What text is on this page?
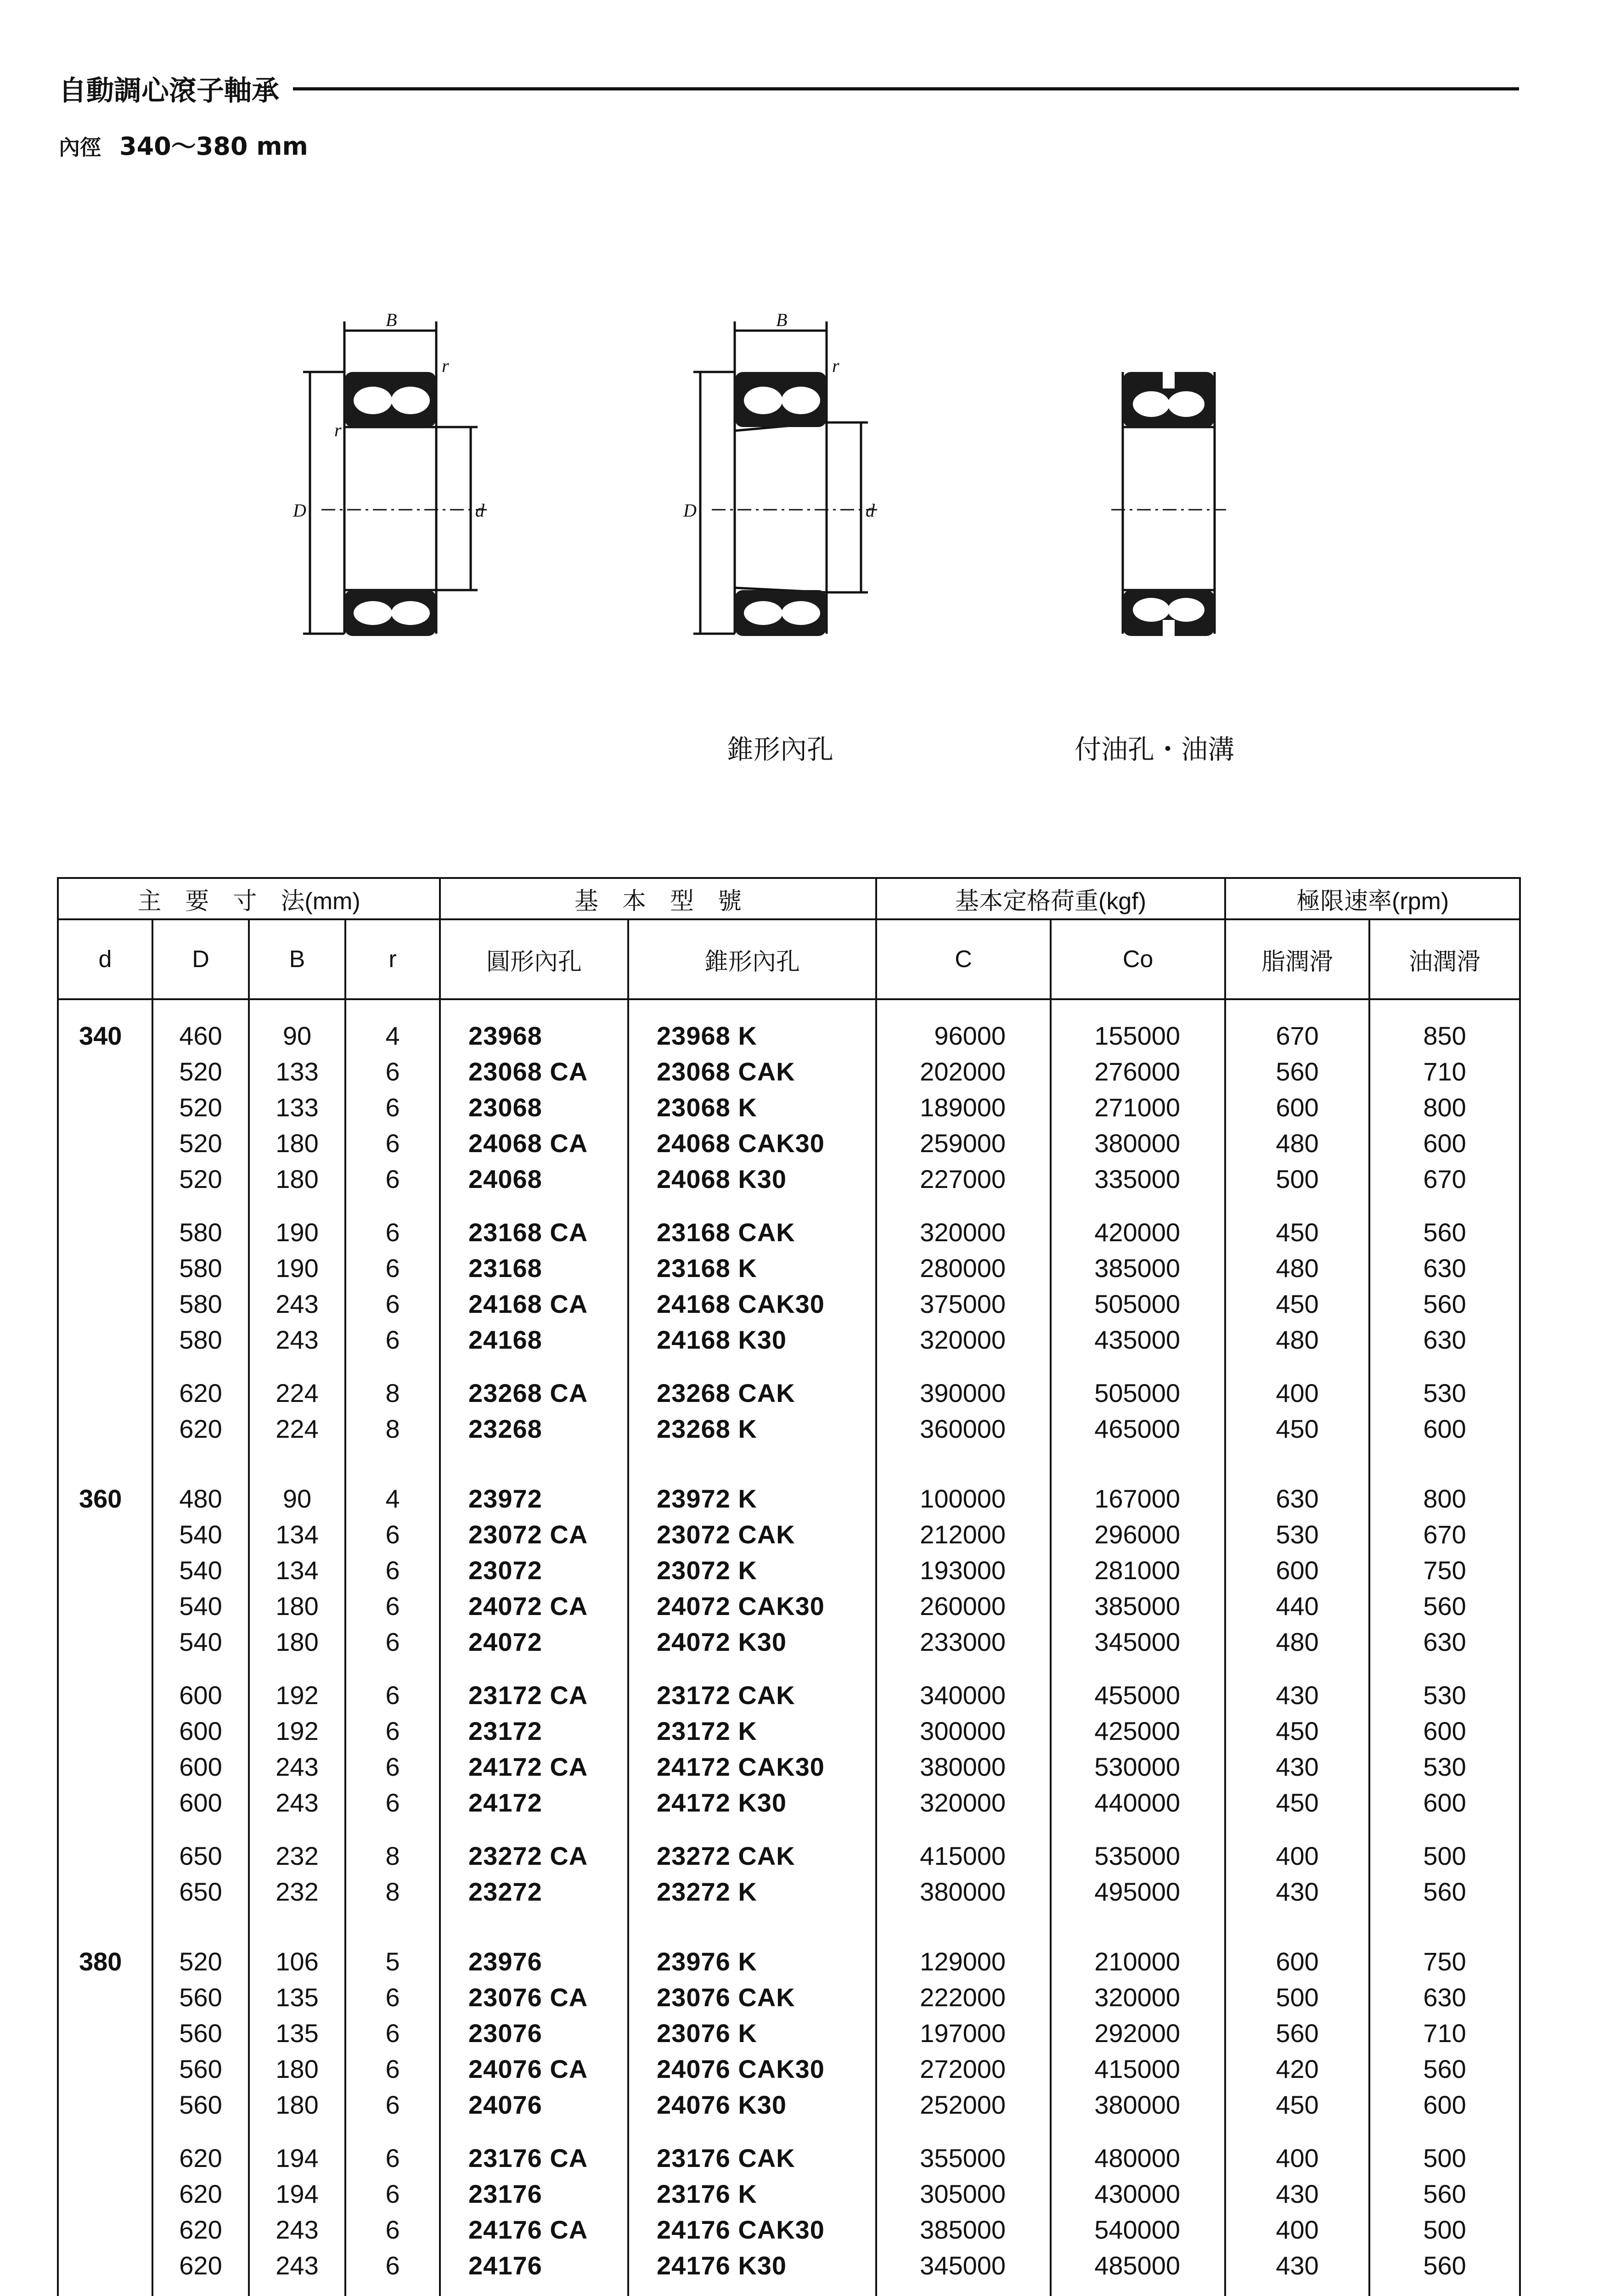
自動調心滾子軸承
內徑 340～380 mm
B
r
r
D	d
B
r
D	d
錐形內孔	付油孔・油溝
主　要　寸　法(mm)				基　本　型　號		基本定格荷重(kgf)		極限速率(rpm)	
d	D	B	r	圓形內孔	錐形內孔	C	Co	脂潤滑	油潤滑

340	460	90	4	23968	23968 K	96000	155000	670	850
	520	133	6	23068 CA	23068 CAK	202000	276000	560	710
	520	133	6	23068	23068 K	189000	271000	600	800
	520	180	6	24068 CA	24068 CAK30	259000	380000	480	600
	520	180	6	24068	24068 K30	227000	335000	500	670

	580	190	6	23168 CA	23168 CAK	320000	420000	450	560
	580	190	6	23168	23168 K	280000	385000	480	630
	580	243	6	24168 CA	24168 CAK30	375000	505000	450	560
	580	243	6	24168	24168 K30	320000	435000	480	630

	620	224	8	23268 CA	23268 CAK	390000	505000	400	530
	620	224	8	23268	23268 K	360000	465000	450	600

360	480	90	4	23972	23972 K	100000	167000	630	800
	540	134	6	23072 CA	23072 CAK	212000	296000	530	670
	540	134	6	23072	23072 K	193000	281000	600	750
	540	180	6	24072 CA	24072 CAK30	260000	385000	440	560
	540	180	6	24072	24072 K30	233000	345000	480	630

	600	192	6	23172 CA	23172 CAK	340000	455000	430	530
	600	192	6	23172	23172 K	300000	425000	450	600
	600	243	6	24172 CA	24172 CAK30	380000	530000	430	530
	600	243	6	24172	24172 K30	320000	440000	450	600

	650	232	8	23272 CA	23272 CAK	415000	535000	400	500
	650	232	8	23272	23272 K	380000	495000	430	560

380	520	106	5	23976	23976 K	129000	210000	600	750
	560	135	6	23076 CA	23076 CAK	222000	320000	500	630
	560	135	6	23076	23076 K	197000	292000	560	710
	560	180	6	24076 CA	24076 CAK30	272000	415000	420	560
	560	180	6	24076	24076 K30	252000	380000	450	600

	620	194	6	23176 CA	23176 CAK	355000	480000	400	500
	620	194	6	23176	23176 K	305000	430000	430	560
	620	243	6	24176 CA	24176 CAK30	385000	540000	400	500
	620	243	6	24176	24176 K30	345000	485000	430	560
